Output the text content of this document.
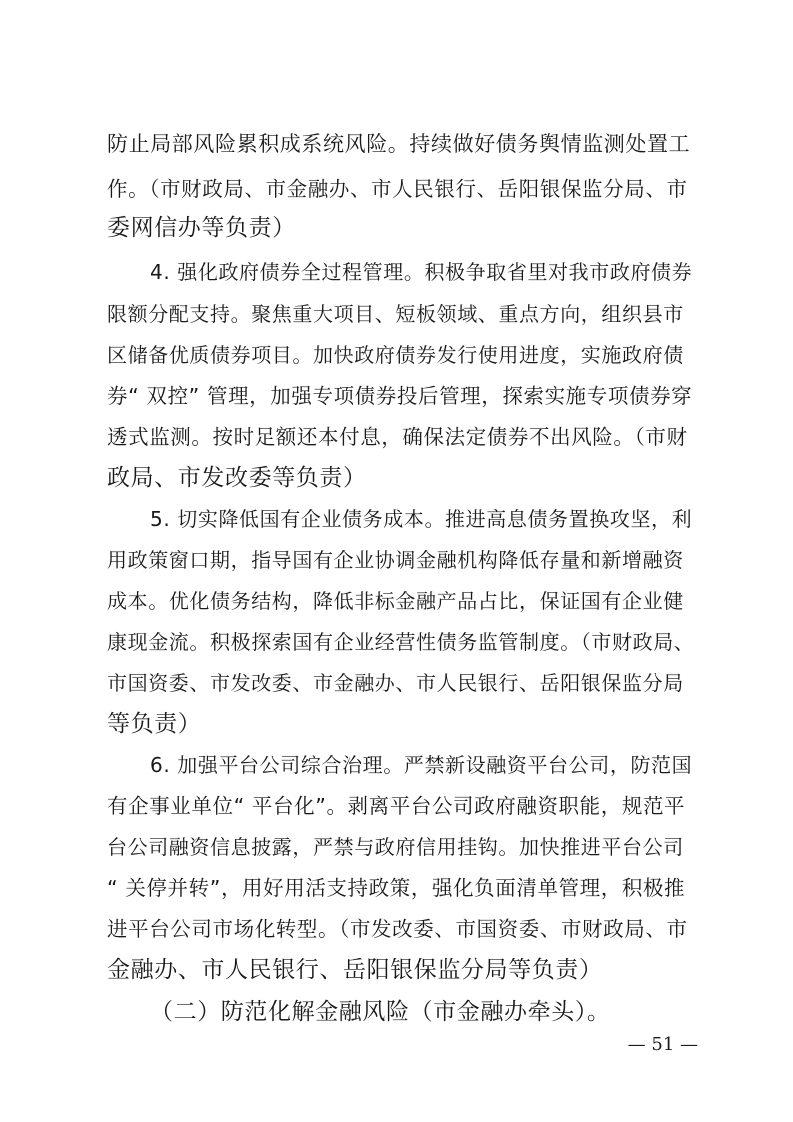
防止局部风险累积成系统风险。持续做好债务舆情监测处置工
作。（市财政局、市金融办、市人民银行、岳阳银保监分局、市
委网信办等负责）
4. 强化政府债券全过程管理。积极争取省里对我市政府债券
限额分配支持。聚焦重大项目、短板领域、重点方向，组织县市
区储备优质债券项目。加快政府债券发行使用进度，实施政府债
券“ 双控” 管理，加强专项债券投后管理，探索实施专项债券穿
透式监测。按时足额还本付息，确保法定债券不出风险。（市财
政局、市发改委等负责）
5. 切实降低国有企业债务成本。推进高息债务置换攻坚，利
用政策窗口期，指导国有企业协调金融机构降低存量和新增融资
成本。优化债务结构，降低非标金融产品占比，保证国有企业健
康现金流。积极探索国有企业经营性债务监管制度。（市财政局、
市国资委、市发改委、市金融办、市人民银行、岳阳银保监分局
等负责）
6. 加强平台公司综合治理。严禁新设融资平台公司，防范国
有企事业单位“ 平台化”。剥离平台公司政府融资职能，规范平
台公司融资信息披露，严禁与政府信用挂钩。加快推进平台公司
“ 关停并转”，用好用活支持政策，强化负面清单管理，积极推
进平台公司市场化转型。（市发改委、市国资委、市财政局、市
金融办、市人民银行、岳阳银保监分局等负责）
（二）防范化解金融风险（市金融办牵头）。
— 51 —
